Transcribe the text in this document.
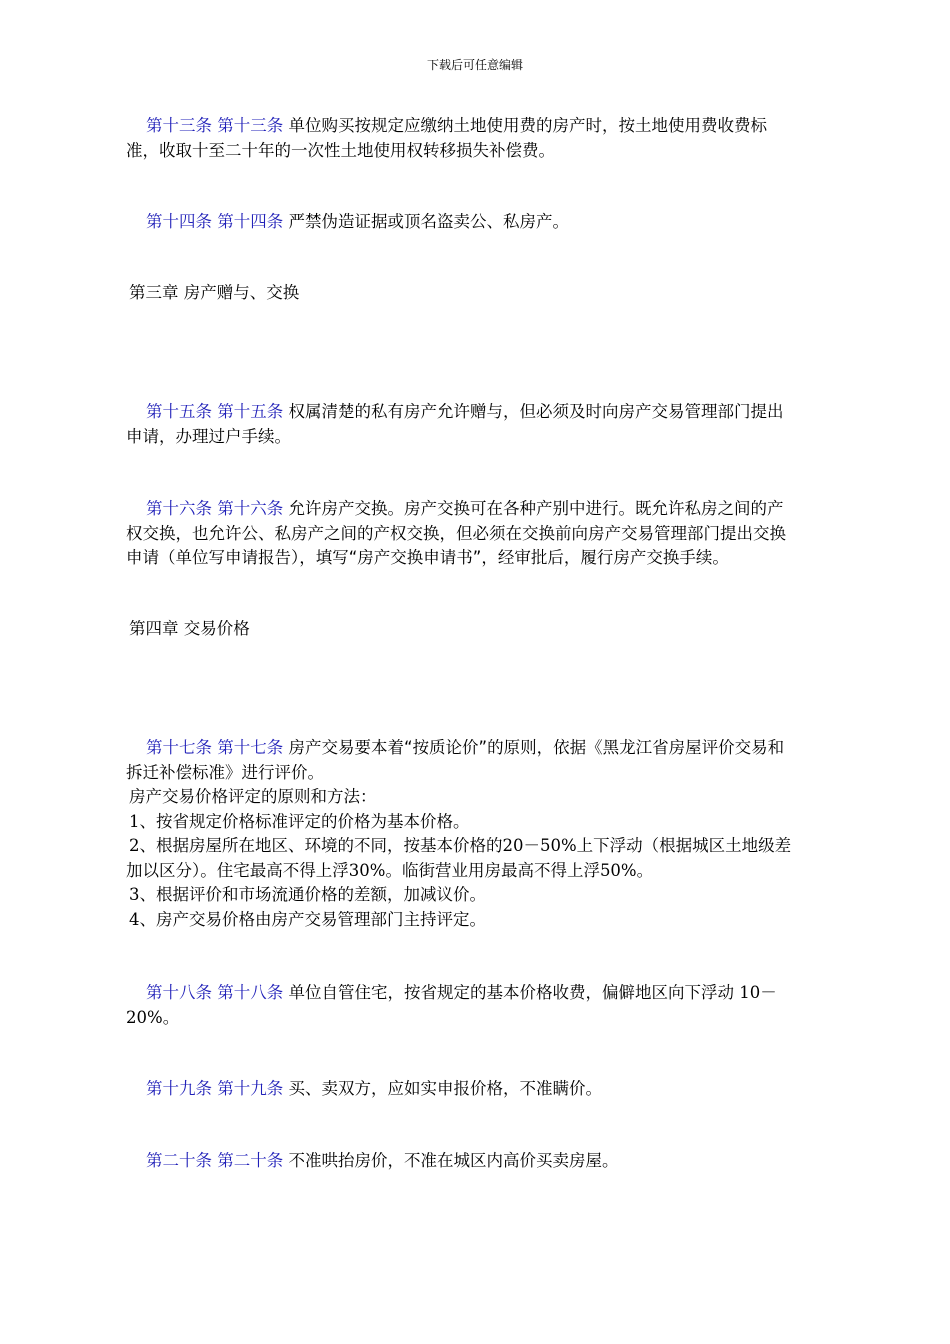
下载后可任意编辑
第十三条 第十三条 单位购买按规定应缴纳土地使用费的房产时，按土地使用费收费标
准，收取十至二十年的一次性土地使用权转移损失补偿费。
第十四条 第十四条 严禁伪造证据或顶名盗卖公、私房产。
第三章 房产赠与、交换
第十五条 第十五条 权属清楚的私有房产允许赠与，但必须及时向房产交易管理部门提出
申请，办理过户手续。
第十六条 第十六条 允许房产交换。房产交换可在各种产别中进行。既允许私房之间的产
权交换，也允许公、私房产之间的产权交换，但必须在交换前向房产交易管理部门提出交换
申请（单位写申请报告），填写“房产交换申请书”，经审批后，履行房产交换手续。
第四章 交易价格
第十七条 第十七条 房产交易要本着“按质论价”的原则，依据《黑龙江省房屋评价交易和
拆迁补偿标准》进行评价。
房产交易价格评定的原则和方法：
1、按省规定价格标准评定的价格为基本价格。
2、根据房屋所在地区、环境的不同，按基本价格的20－50%上下浮动（根据城区土地级差
加以区分）。住宅最高不得上浮30%。临街营业用房最高不得上浮50%。
3、根据评价和市场流通价格的差额，加减议价。
4、房产交易价格由房产交易管理部门主持评定。
第十八条 第十八条 单位自管住宅，按省规定的基本价格收费，偏僻地区向下浮动 10－
20%。
第十九条 第十九条 买、卖双方，应如实申报价格，不准瞒价。
第二十条 第二十条 不准哄抬房价，不准在城区内高价买卖房屋。
